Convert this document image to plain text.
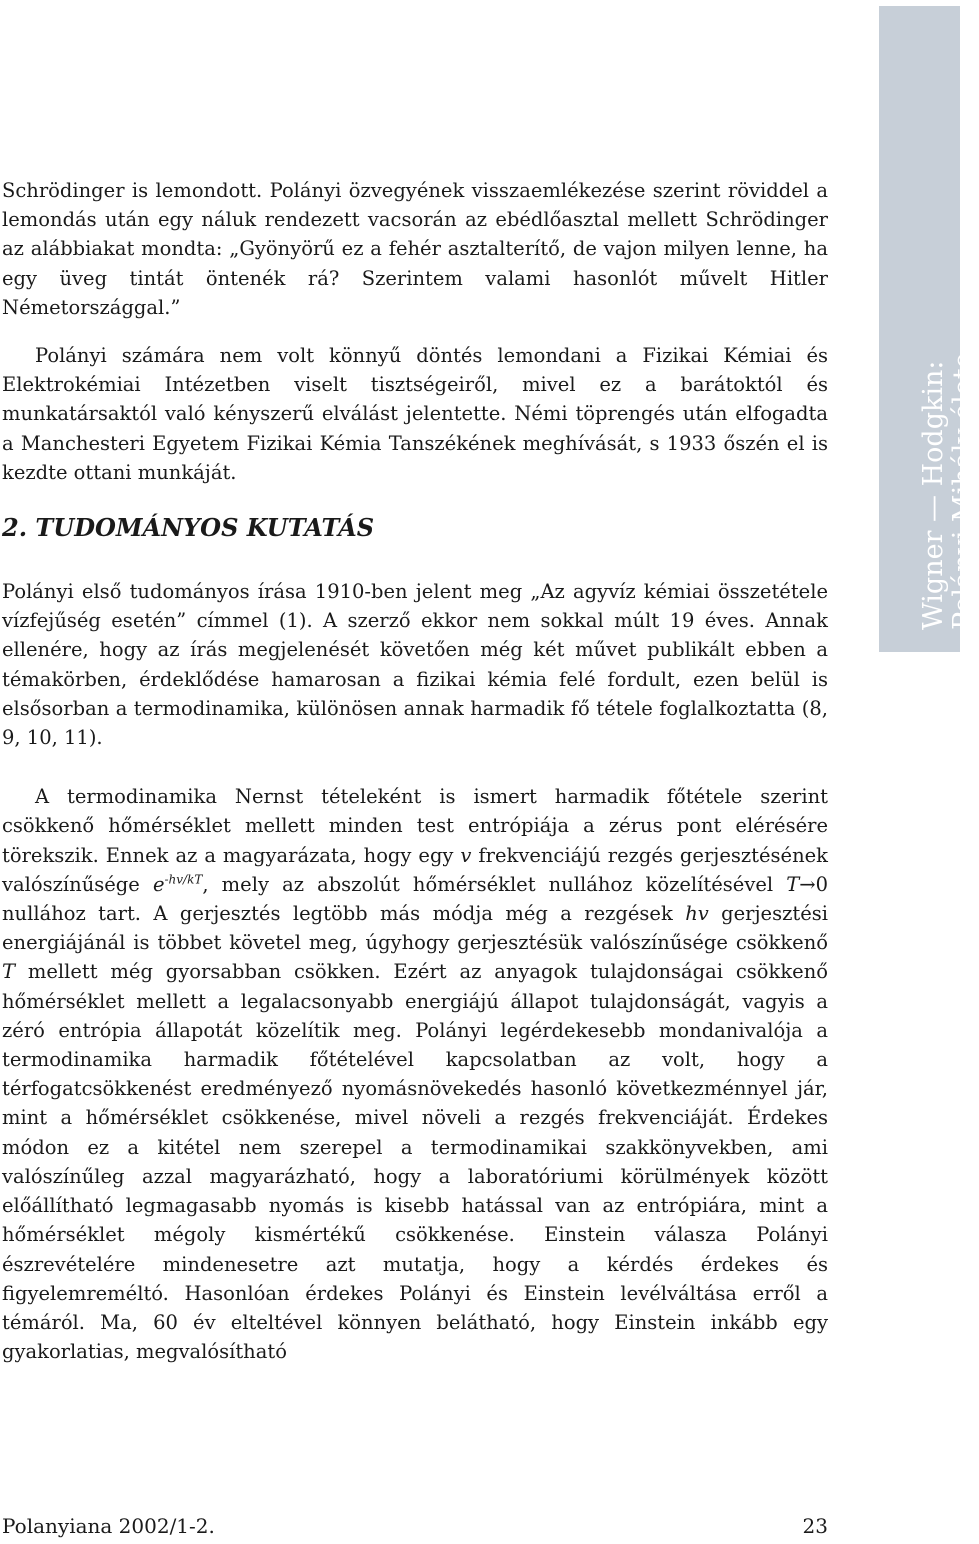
Wigner — Hodgkin: Polányi Mihály élete

Schrödinger is lemondott. Polányi özvegyének visszaemlékezése szerint röviddel a lemondás után egy náluk rendezett vacsorán az ebédlőasztal mellett Schrödinger az alábbiakat mondta: „Gyönyörű ez a fehér asztalterítő, de vajon milyen lenne, ha egy üveg tintát öntenék rá? Szerintem valami hasonlót művelt Hitler Németországgal.”

Polányi számára nem volt könnyű döntés lemondani a Fizikai Kémiai és Elektrokémiai Intézetben viselt tisztségeiről, mivel ez a barátoktól és munkatársaktól való kényszerű elválást jelentette. Némi töprengés után elfogadta a Manchesteri Egyetem Fizikai Kémia Tanszékének meghívását, s 1933 őszén el is kezdte ottani munkáját.

2. TUDOMÁNYOS KUTATÁS

Polányi első tudományos írása 1910-ben jelent meg „Az agyvíz kémiai összetétele vízfejűség esetén” címmel (1). A szerző ekkor nem sokkal múlt 19 éves. Annak ellenére, hogy az írás megjelenését követően még két művet publikált ebben a témakörben, érdeklődése hamarosan a fizikai kémia felé fordult, ezen belül is elsősorban a termodinamika, különösen annak harmadik fő tétele foglalkoztatta (8, 9, 10, 11).

A termodinamika Nernst tételeként is ismert harmadik főtétele szerint csökkenő hőmérséklet mellett minden test entrópiája a zérus pont elérésére törekszik. Ennek az a magyarázata, hogy egy v frekvenciájú rezgés gerjesztésének valószínűsége $e^{-hv/kT}$, mely az abszolút hőmérséklet nullához közelítésével T→0 nullához tart. A gerjesztés legtöbb más módja még a rezgések hv gerjesztési energiájánál is többet követel meg, úgyhogy gerjesztésük valószínűsége csökkenő T mellett még gyorsabban csökken. Ezért az anyagok tulajdonságai csökkenő hőmérséklet mellett a legalacsonyabb energiájú állapot tulajdonságát, vagyis a zéró entrópia állapotát közelítik meg. Polányi legérdekesebb mondanivalója a termodinamika harmadik főtételével kapcsolatban az volt, hogy a térfogatcsökkenést eredményező nyomásnövekedés hasonló következménnyel jár, mint a hőmérséklet csökkenése, mivel növeli a rezgés frekvenciáját. Érdekes módon ez a kitétel nem szerepel a termodinamikai szakkönyvekben, ami valószínűleg azzal magyarázható, hogy a laboratóriumi körülmények között előállítható legmagasabb nyomás is kisebb hatással van az entrópiára, mint a hőmérséklet mégoly kismértékű csökkenése. Einstein válasza Polányi észrevételére mindenesetre azt mutatja, hogy a kérdés érdekes és figyelemreméltó. Hasonlóan érdekes Polányi és Einstein levélváltása erről a témáról. Ma, 60 év elteltével könnyen belátható, hogy Einstein inkább egy gyakorlatias, megvalósítható

Polanyiana 2002/1-2.	23
